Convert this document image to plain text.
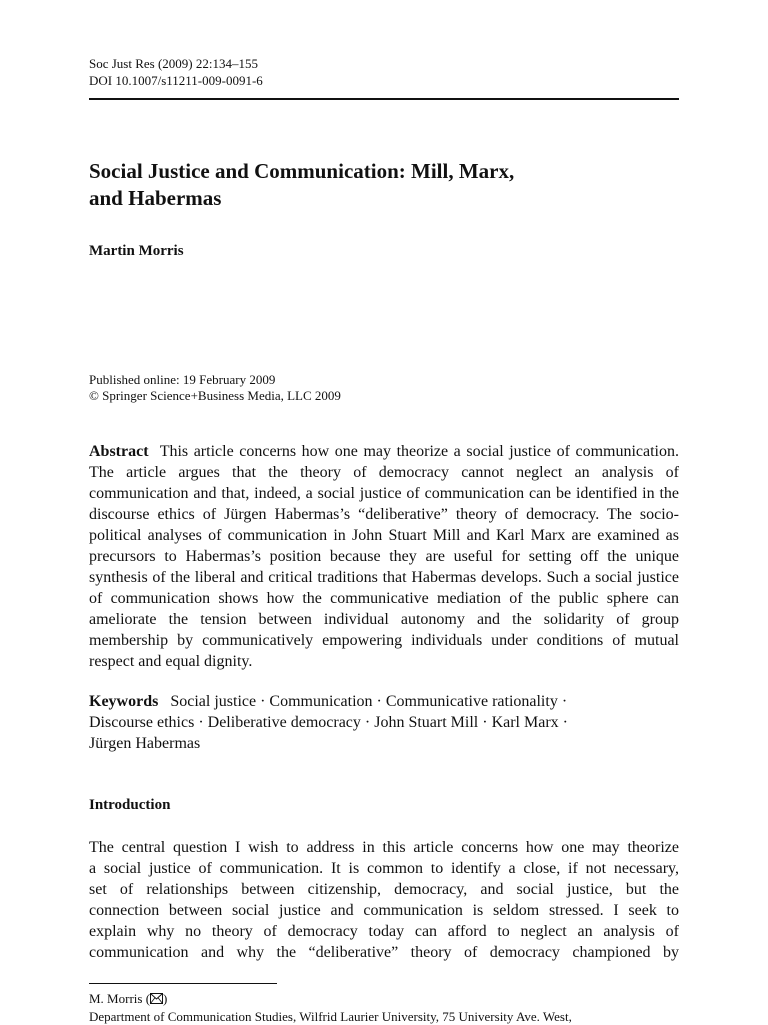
Soc Just Res (2009) 22:134–155
DOI 10.1007/s11211-009-0091-6
Social Justice and Communication: Mill, Marx,
and Habermas
Martin Morris
Published online: 19 February 2009
© Springer Science+Business Media, LLC 2009

Abstract This article concerns how one may theorize a social justice of communication. The article argues that the theory of democracy cannot neglect an analysis of communication and that, indeed, a social justice of communication can be identified in the discourse ethics of Jürgen Habermas’s “deliberative” theory of democracy. The socio-political analyses of communication in John Stuart Mill and Karl Marx are examined as precursors to Habermas’s position because they are useful for setting off the unique synthesis of the liberal and critical traditions that Habermas develops. Such a social justice of communication shows how the communicative mediation of the public sphere can ameliorate the tension between individual autonomy and the solidarity of group membership by communicatively empowering individuals under conditions of mutual respect and equal dignity.

Keywords Social justice · Communication · Communicative rationality ·
Discourse ethics · Deliberative democracy · John Stuart Mill · Karl Marx ·
Jürgen Habermas
Introduction
The central question I wish to address in this article concerns how one may theorize
a social justice of communication. It is common to identify a close, if not necessary,
set of relationships between citizenship, democracy, and social justice, but the
connection between social justice and communication is seldom stressed. I seek to
explain why no theory of democracy today can afford to neglect an analysis of
communication and why the “deliberative” theory of democracy championed by
M. Morris ( )
Department of Communication Studies, Wilfrid Laurier University, 75 University Ave. West,
